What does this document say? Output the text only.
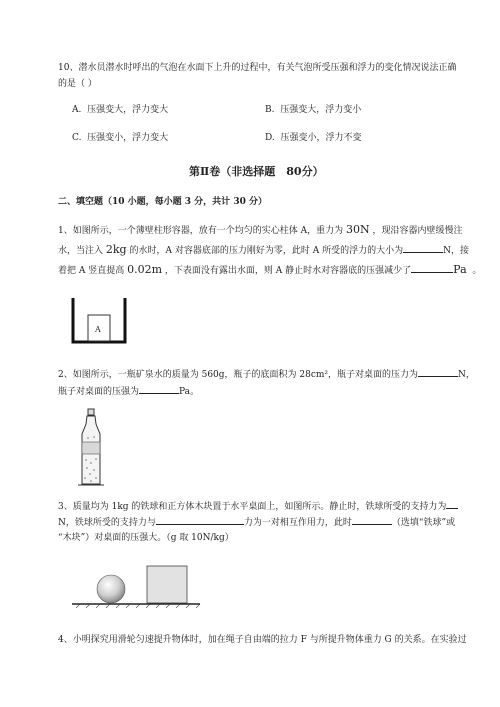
10、潜水员潜水时呼出的气泡在水面下上升的过程中，有关气泡所受压强和浮力的变化情况说法正确
的是（ ）
A. 压强变大，浮力变大	B. 压强变大，浮力变小
C. 压强变小，浮力变大	D. 压强变小，浮力不变
第Ⅱ卷（非选择题　80分）
二、填空题（10 小题，每小题 3 分，共计 30 分）
1、如图所示，一个薄壁柱形容器，放有一个均匀的实心柱体 A，重力为 30N ，现沿容器内壁缓慢注
水，当注入 2kg 的水时，A 对容器底部的压力刚好为零，此时 A 所受的浮力的大小为	N，接
着把 A 竖直提高 0.02m ，下表面没有露出水面，则 A 静止时水对容器底的压强减少了	Pa 。
A
2、如图所示，一瓶矿泉水的质量为 560g，瓶子的底面积为 28cm²，瓶子对桌面的压力为	N，
瓶子对桌面的压强为	Pa。
3、质量均为 1kg 的铁球和正方体木块置于水平桌面上，如图所示。静止时，铁球所受的支持力为
N，铁球所受的支持力与	力为一对相互作用力，此时	（选填“铁球”或
“木块”）对桌面的压强大。（g 取 10N/kg）
4、小明探究用滑轮匀速提升物体时，加在绳子自由端的拉力 F 与所提升物体重力 G 的关系。在实验过
